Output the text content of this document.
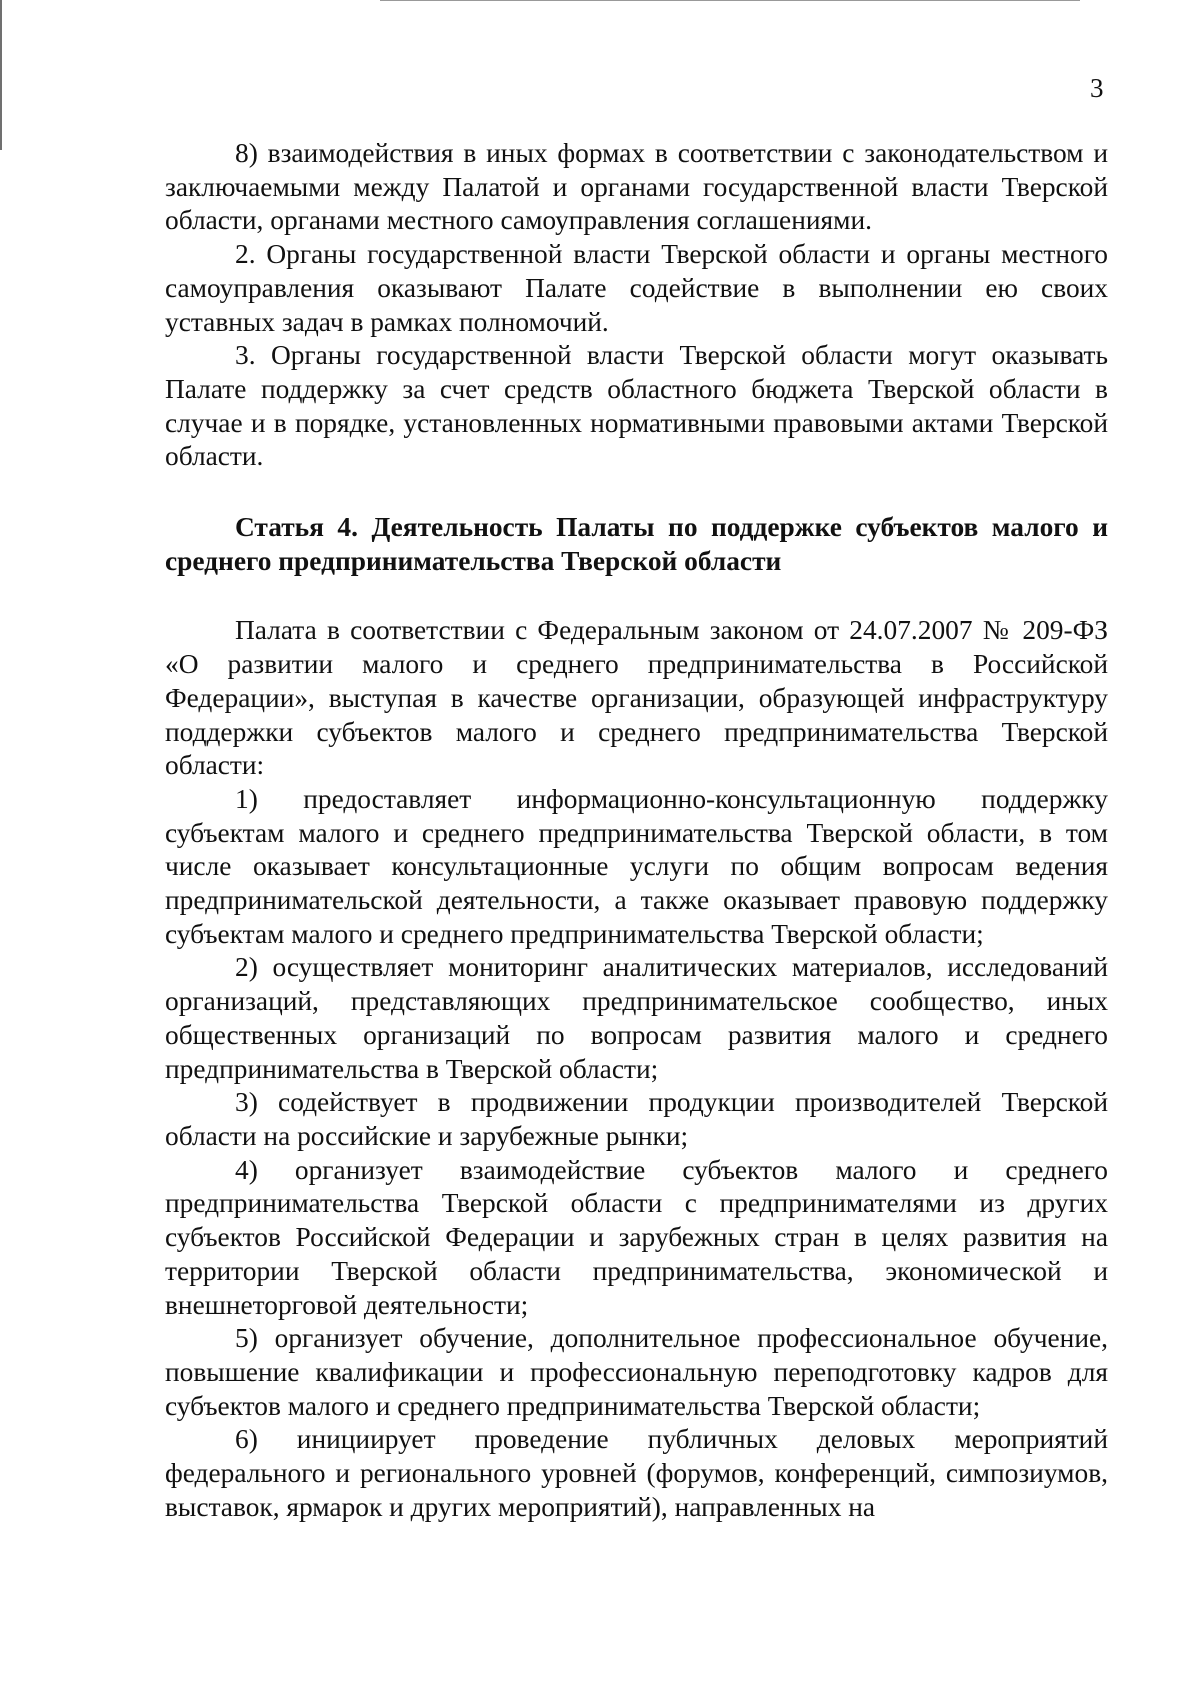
3

8) взаимодействия в иных формах в соответствии с законодательством и заключаемыми между Палатой и органами государственной власти Тверской области, органами местного самоуправления соглашениями.

2. Органы государственной власти Тверской области и органы местного самоуправления оказывают Палате содействие в выполнении ею своих уставных задач в рамках полномочий.

3. Органы государственной власти Тверской области могут оказывать Палате поддержку за счет средств областного бюджета Тверской области в случае и в порядке, установленных нормативными правовыми актами Тверской области.

Статья 4. Деятельность Палаты по поддержке субъектов малого и среднего предпринимательства Тверской области

Палата в соответствии с Федеральным законом от 24.07.2007 № 209-ФЗ «О развитии малого и среднего предпринимательства в Российской Федерации», выступая в качестве организации, образующей инфраструктуру поддержки субъектов малого и среднего предпринимательства Тверской области:

1) предоставляет информационно-консультационную поддержку субъектам малого и среднего предпринимательства Тверской области, в том числе оказывает консультационные услуги по общим вопросам ведения предпринимательской деятельности, а также оказывает правовую поддержку субъектам малого и среднего предпринимательства Тверской области;

2) осуществляет мониторинг аналитических материалов, исследований организаций, представляющих предпринимательское сообщество, иных общественных организаций по вопросам развития малого и среднего предпринимательства в Тверской области;

3) содействует в продвижении продукции производителей Тверской области на российские и зарубежные рынки;

4) организует взаимодействие субъектов малого и среднего предпринимательства Тверской области с предпринимателями из других субъектов Российской Федерации и зарубежных стран в целях развития на территории Тверской области предпринимательства, экономической и внешнеторговой деятельности;

5) организует обучение, дополнительное профессиональное обучение, повышение квалификации и профессиональную переподготовку кадров для субъектов малого и среднего предпринимательства Тверской области;

6) инициирует проведение публичных деловых мероприятий федерального и регионального уровней (форумов, конференций, симпозиумов, выставок, ярмарок и других мероприятий), направленных на
